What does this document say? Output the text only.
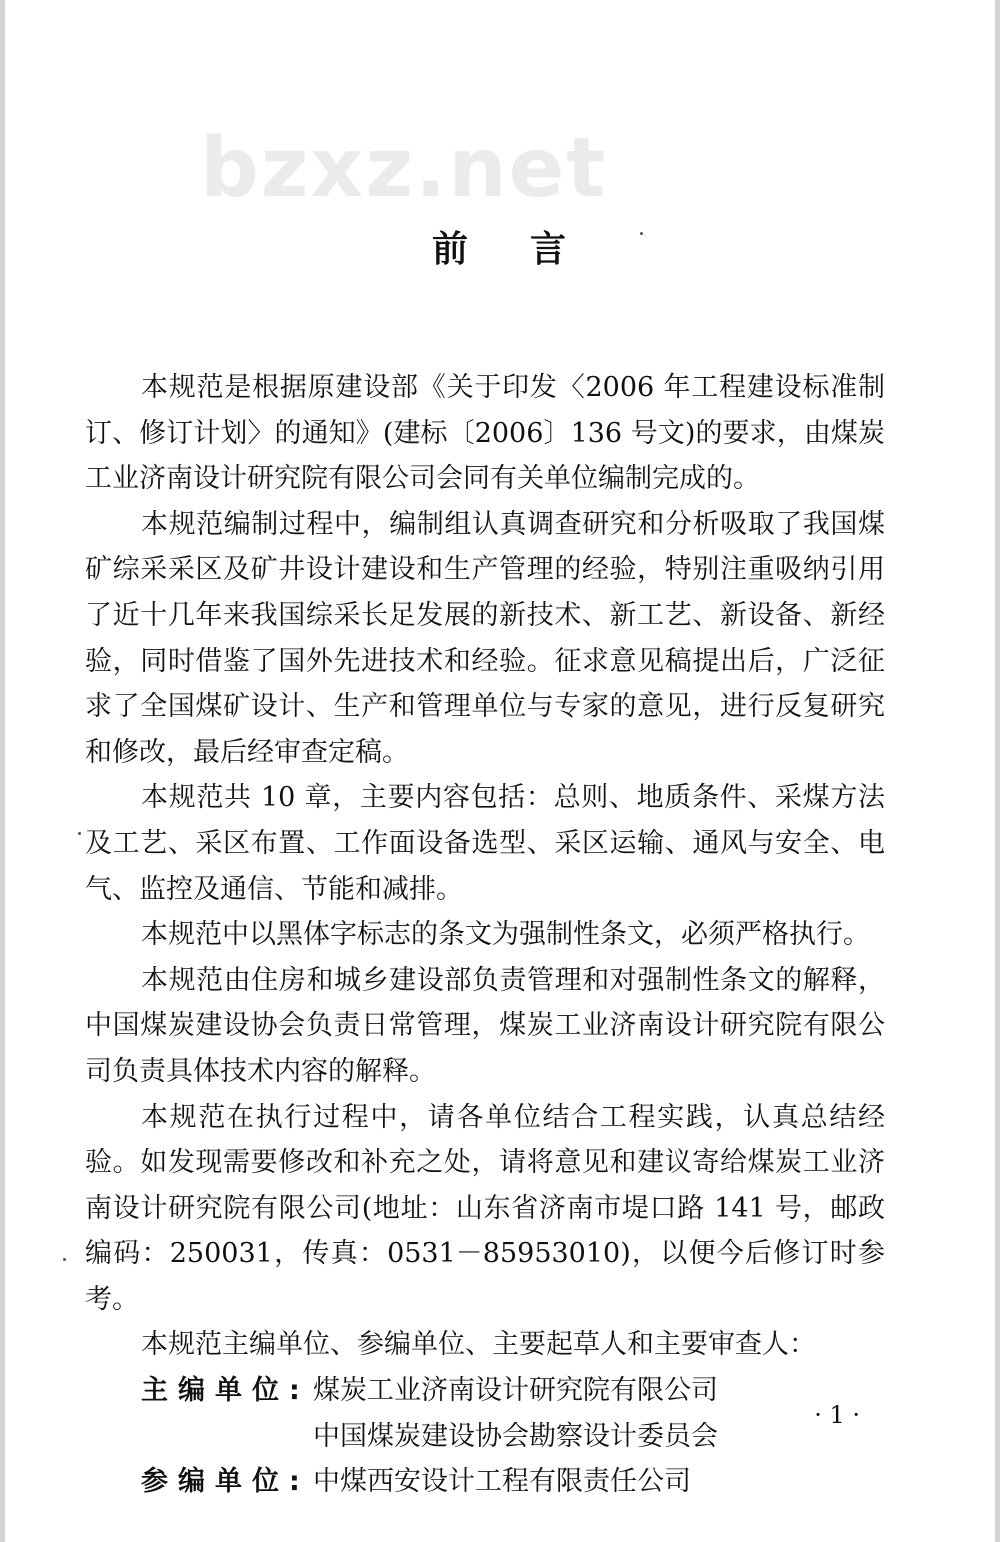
bzxz.net
前 言

本规范是根据原建设部《关于印发〈2006 年工程建设标准制订、修订计划〉的通知》(建标〔2006〕136 号文)的要求，由煤炭工业济南设计研究院有限公司会同有关单位编制完成的。

本规范编制过程中，编制组认真调查研究和分析吸取了我国煤矿综采采区及矿井设计建设和生产管理的经验，特别注重吸纳引用了近十几年来我国综采长足发展的新技术、新工艺、新设备、新经验，同时借鉴了国外先进技术和经验。征求意见稿提出后，广泛征求了全国煤矿设计、生产和管理单位与专家的意见，进行反复研究和修改，最后经审查定稿。

本规范共 10 章，主要内容包括：总则、地质条件、采煤方法及工艺、采区布置、工作面设备选型、采区运输、通风与安全、电气、监控及通信、节能和减排。

本规范中以黑体字标志的条文为强制性条文，必须严格执行。

本规范由住房和城乡建设部负责管理和对强制性条文的解释，中国煤炭建设协会负责日常管理，煤炭工业济南设计研究院有限公司负责具体技术内容的解释。

本规范在执行过程中，请各单位结合工程实践，认真总结经验。如发现需要修改和补充之处，请将意见和建议寄给煤炭工业济南设计研究院有限公司(地址：山东省济南市堤口路 141 号，邮政编码：250031，传真：0531－85953010)，以便今后修订时参考。

本规范主编单位、参编单位、主要起草人和主要审查人：

主编单位: 煤炭工业济南设计研究院有限公司
中国煤炭建设协会勘察设计委员会
参编单位: 中煤西安设计工程有限责任公司
· 1 ·
